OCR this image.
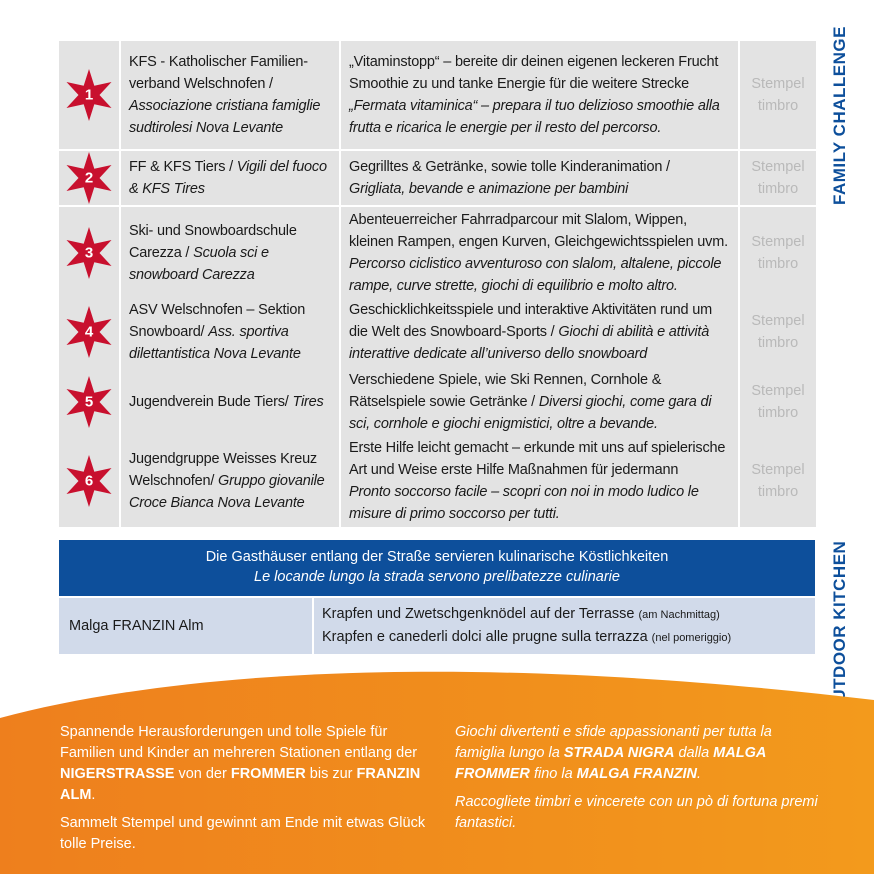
1
KFS - Katholischer Familien-verband Welschnofen / Associazione cristiana famiglie sudtirolesi Nova Levante
„Vitaminstopp“ – bereite dir deinen eigenen leckeren Frucht Smoothie zu und tanke Energie für die weitere Strecke
„Fermata vitaminica“ – prepara il tuo delizioso smoothie alla frutta e ricarica le energie per il resto del percorso.
Stempel
timbro
2
FF & KFS Tiers / Vigili del fuoco & KFS Tires
Gegrilltes & Getränke, sowie tolle Kinderanimation /
Grigliata, bevande e animazione per bambini
Stempel
timbro
3
Ski- und Snowboardschule Carezza / Scuola sci e snowboard Carezza
Abenteuerreicher Fahrradparcour mit Slalom, Wippen, kleinen Rampen, engen Kurven, Gleichgewichtsspielen uvm.
Percorso ciclistico avventuroso con slalom, altalene, piccole rampe, curve strette, giochi di equilibrio e molto altro.
Stempel
timbro
4
ASV Welschnofen – Sektion Snowboard/ Ass. sportiva dilettantistica Nova Levante
Geschicklichkeitsspiele und interaktive Aktivitäten rund um die Welt des Snowboard-Sports / Giochi di abilità e attività interattive dedicate all’universo dello snowboard
Stempel
timbro
5	Jugendverein Bude Tiers/ Tires
Verschiedene Spiele, wie Ski Rennen, Cornhole & Rätselspiele sowie Getränke / Diversi giochi, come gara di sci, cornhole e giochi enigmistici, oltre a bevande.
Stempel
timbro
6
Jugendgruppe Weisses Kreuz Welschnofen/ Gruppo giovanile Croce Bianca Nova Levante
Erste Hilfe leicht gemacht – erkunde mit uns auf spielerische Art und Weise erste Hilfe Maßnahmen für jedermann
Pronto soccorso facile – scopri con noi in modo ludico le misure di primo soccorso per tutti.
Stempel
timbro
FAMILY CHALLENGE
OUTDOOR KITCHEN
Die Gasthäuser entlang der Straße servieren kulinarische Köstlichkeiten
Le locande lungo la strada servono prelibatezze culinarie
Malga FRANZIN Alm
Krapfen und Zwetschgenknödel auf der Terrasse (am Nachmittag)
Krapfen e canederli dolci alle prugne sulla terrazza (nel pomeriggio)

Spannende Herausforderungen und tolle Spiele für Familien und Kinder an mehreren Stationen entlang der NIGERSTRASSE von der FROMMER bis zur FRANZIN ALM.

Sammelt Stempel und gewinnt am Ende mit etwas Glück tolle Preise.

Giochi divertenti e sfide appassionanti per tutta la famiglia lungo la STRADA NIGRA dalla MALGA FROMMER fino la MALGA FRANZIN.

Raccogliete timbri e vincerete con un pò di fortuna premi fantastici.
